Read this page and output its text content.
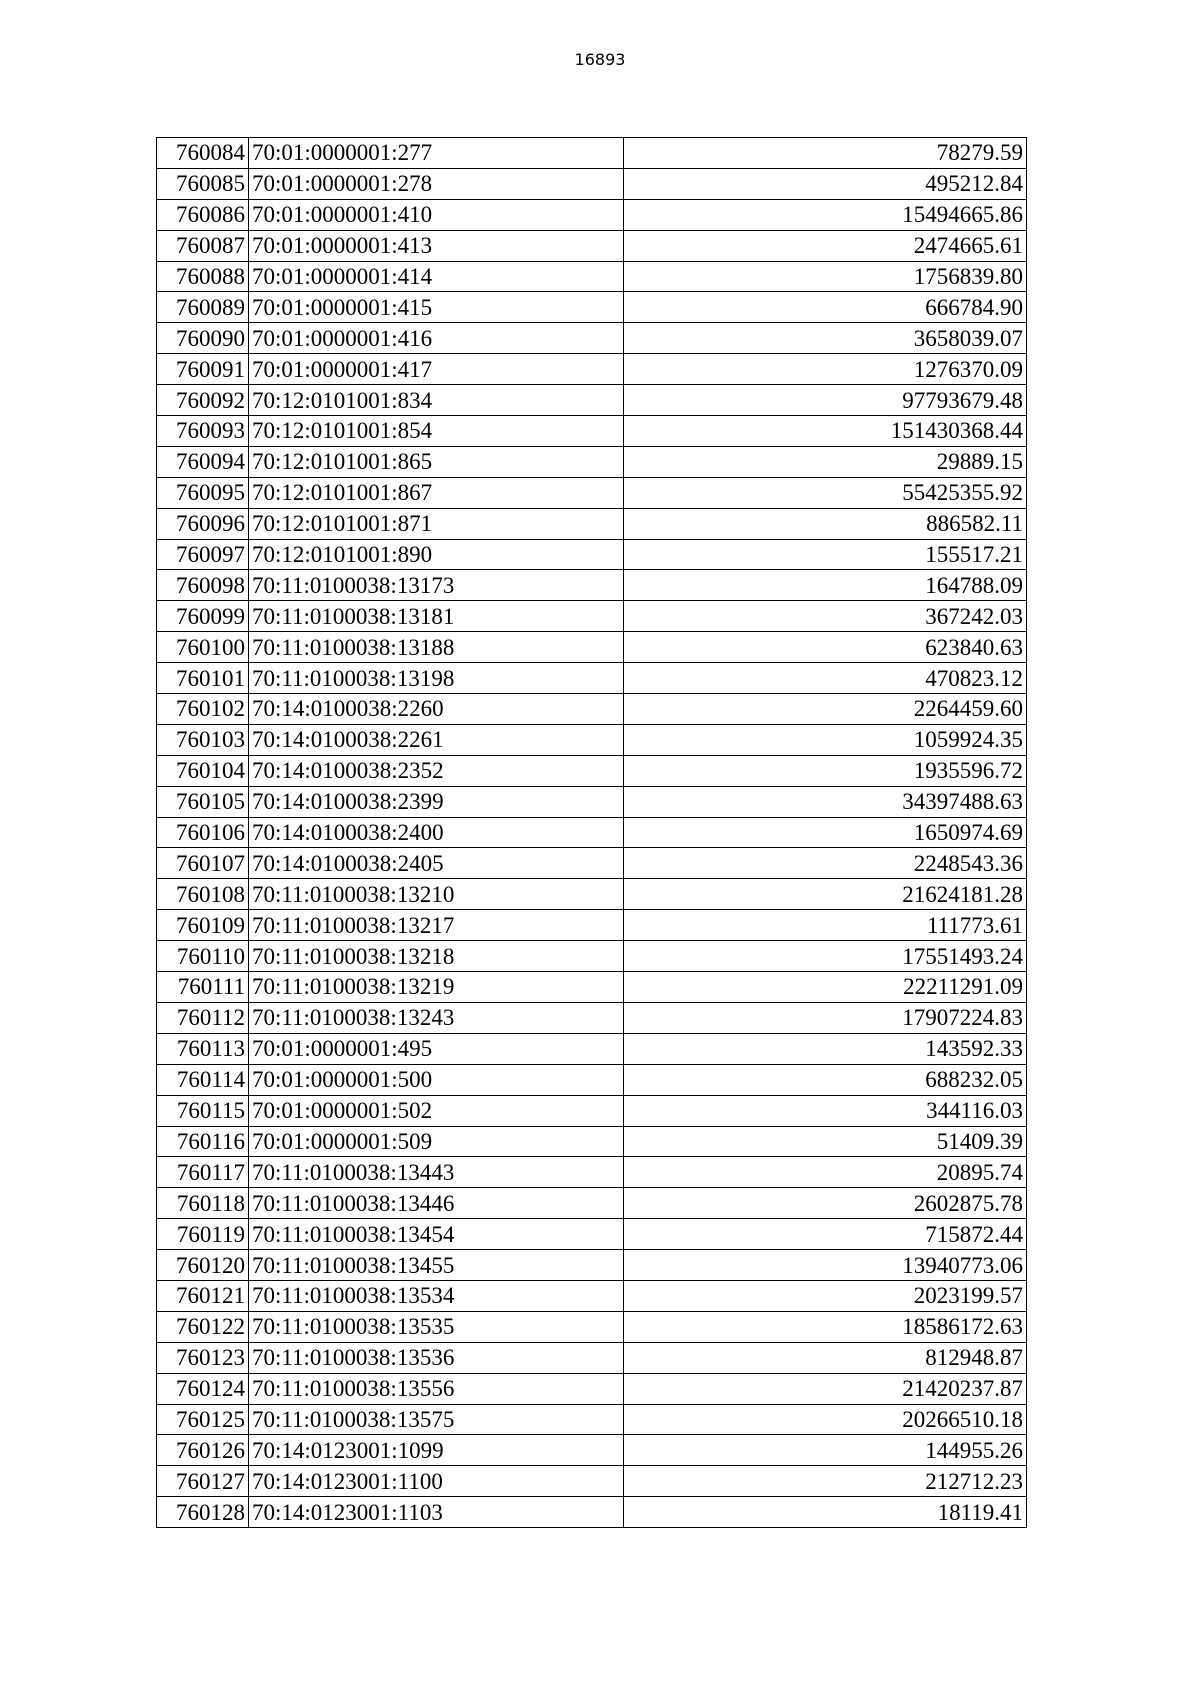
16893
760084	70:01:0000001:277	78279.59
760085	70:01:0000001:278	495212.84
760086	70:01:0000001:410	15494665.86
760087	70:01:0000001:413	2474665.61
760088	70:01:0000001:414	1756839.80
760089	70:01:0000001:415	666784.90
760090	70:01:0000001:416	3658039.07
760091	70:01:0000001:417	1276370.09
760092	70:12:0101001:834	97793679.48
760093	70:12:0101001:854	151430368.44
760094	70:12:0101001:865	29889.15
760095	70:12:0101001:867	55425355.92
760096	70:12:0101001:871	886582.11
760097	70:12:0101001:890	155517.21
760098	70:11:0100038:13173	164788.09
760099	70:11:0100038:13181	367242.03
760100	70:11:0100038:13188	623840.63
760101	70:11:0100038:13198	470823.12
760102	70:14:0100038:2260	2264459.60
760103	70:14:0100038:2261	1059924.35
760104	70:14:0100038:2352	1935596.72
760105	70:14:0100038:2399	34397488.63
760106	70:14:0100038:2400	1650974.69
760107	70:14:0100038:2405	2248543.36
760108	70:11:0100038:13210	21624181.28
760109	70:11:0100038:13217	111773.61
760110	70:11:0100038:13218	17551493.24
760111	70:11:0100038:13219	22211291.09
760112	70:11:0100038:13243	17907224.83
760113	70:01:0000001:495	143592.33
760114	70:01:0000001:500	688232.05
760115	70:01:0000001:502	344116.03
760116	70:01:0000001:509	51409.39
760117	70:11:0100038:13443	20895.74
760118	70:11:0100038:13446	2602875.78
760119	70:11:0100038:13454	715872.44
760120	70:11:0100038:13455	13940773.06
760121	70:11:0100038:13534	2023199.57
760122	70:11:0100038:13535	18586172.63
760123	70:11:0100038:13536	812948.87
760124	70:11:0100038:13556	21420237.87
760125	70:11:0100038:13575	20266510.18
760126	70:14:0123001:1099	144955.26
760127	70:14:0123001:1100	212712.23
760128	70:14:0123001:1103	18119.41
